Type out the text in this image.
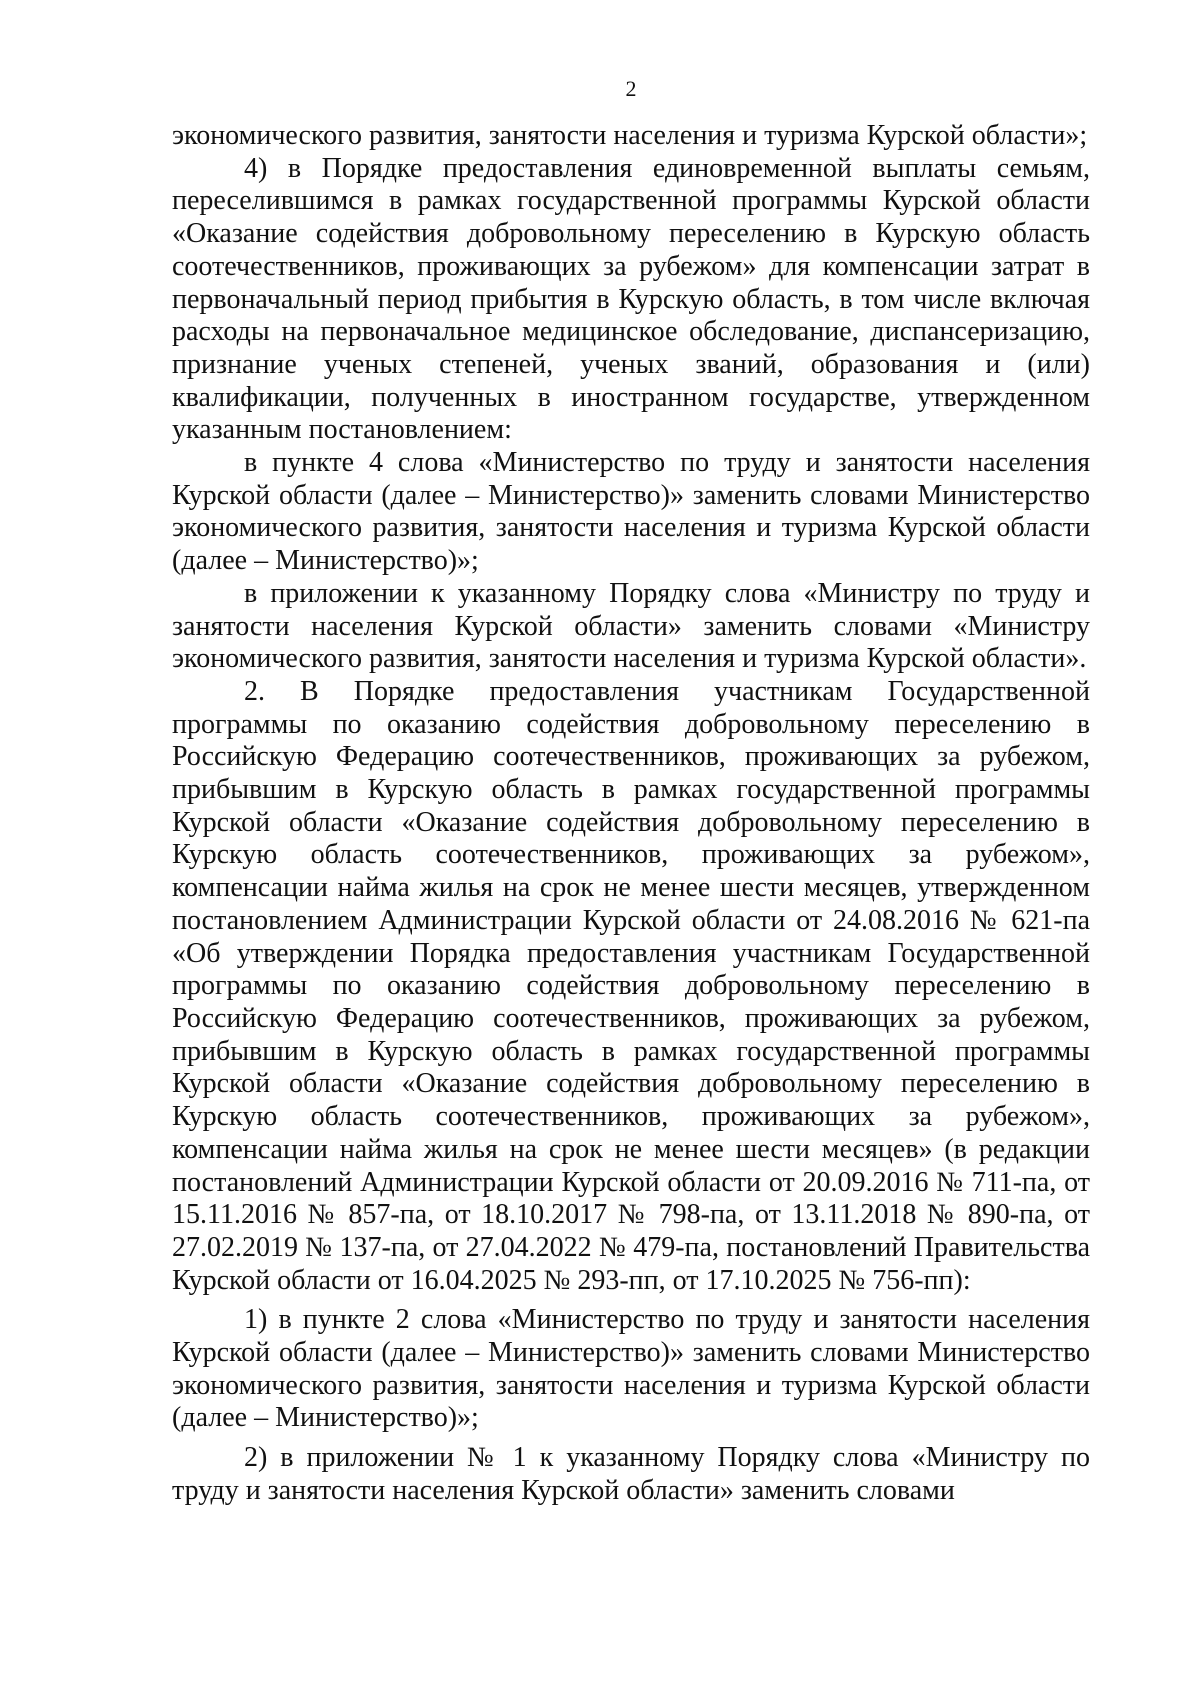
2

экономического развития, занятости населения и туризма Курской области»;

4) в Порядке предоставления единовременной выплаты семьям, переселившимся в рамках государственной программы Курской области «Оказание содействия добровольному переселению в Курскую область соотечественников, проживающих за рубежом» для компенсации затрат в первоначальный период прибытия в Курскую область, в том числе включая расходы на первоначальное медицинское обследование, диспансеризацию, признание ученых степеней, ученых званий, образования и (или) квалификации, полученных в иностранном государстве, утвержденном указанным постановлением:

в пункте 4 слова «Министерство по труду и занятости населения Курской области (далее – Министерство)» заменить словами Министерство экономического развития, занятости населения и туризма Курской области (далее – Министерство)»;

в приложении к указанному Порядку слова «Министру по труду и занятости населения Курской области» заменить словами «Министру экономического развития, занятости населения и туризма Курской области».

2. В Порядке предоставления участникам Государственной программы по оказанию содействия добровольному переселению в Российскую Федерацию соотечественников, проживающих за рубежом, прибывшим в Курскую область в рамках государственной программы Курской области «Оказание содействия добровольному переселению в Курскую область соотечественников, проживающих за рубежом», компенсации найма жилья на срок не менее шести месяцев, утвержденном постановлением Администрации Курской области от 24.08.2016 № 621-па «Об утверждении Порядка предоставления участникам Государственной программы по оказанию содействия добровольному переселению в Российскую Федерацию соотечественников, проживающих за рубежом, прибывшим в Курскую область в рамках государственной программы Курской области «Оказание содействия добровольному переселению в Курскую область соотечественников, проживающих за рубежом», компенсации найма жилья на срок не менее шести месяцев» (в редакции постановлений Администрации Курской области от 20.09.2016 № 711-па, от 15.11.2016 № 857-па, от 18.10.2017 № 798-па, от 13.11.2018 № 890-па, от 27.02.2019 № 137-па, от 27.04.2022 № 479-па, постановлений Правительства Курской области от 16.04.2025 № 293-пп, от 17.10.2025 № 756-пп):

1) в пункте 2 слова «Министерство по труду и занятости населения Курской области (далее – Министерство)» заменить словами Министерство экономического развития, занятости населения и туризма Курской области (далее – Министерство)»;

2) в приложении № 1 к указанному Порядку слова «Министру по труду и занятости населения Курской области» заменить словами
